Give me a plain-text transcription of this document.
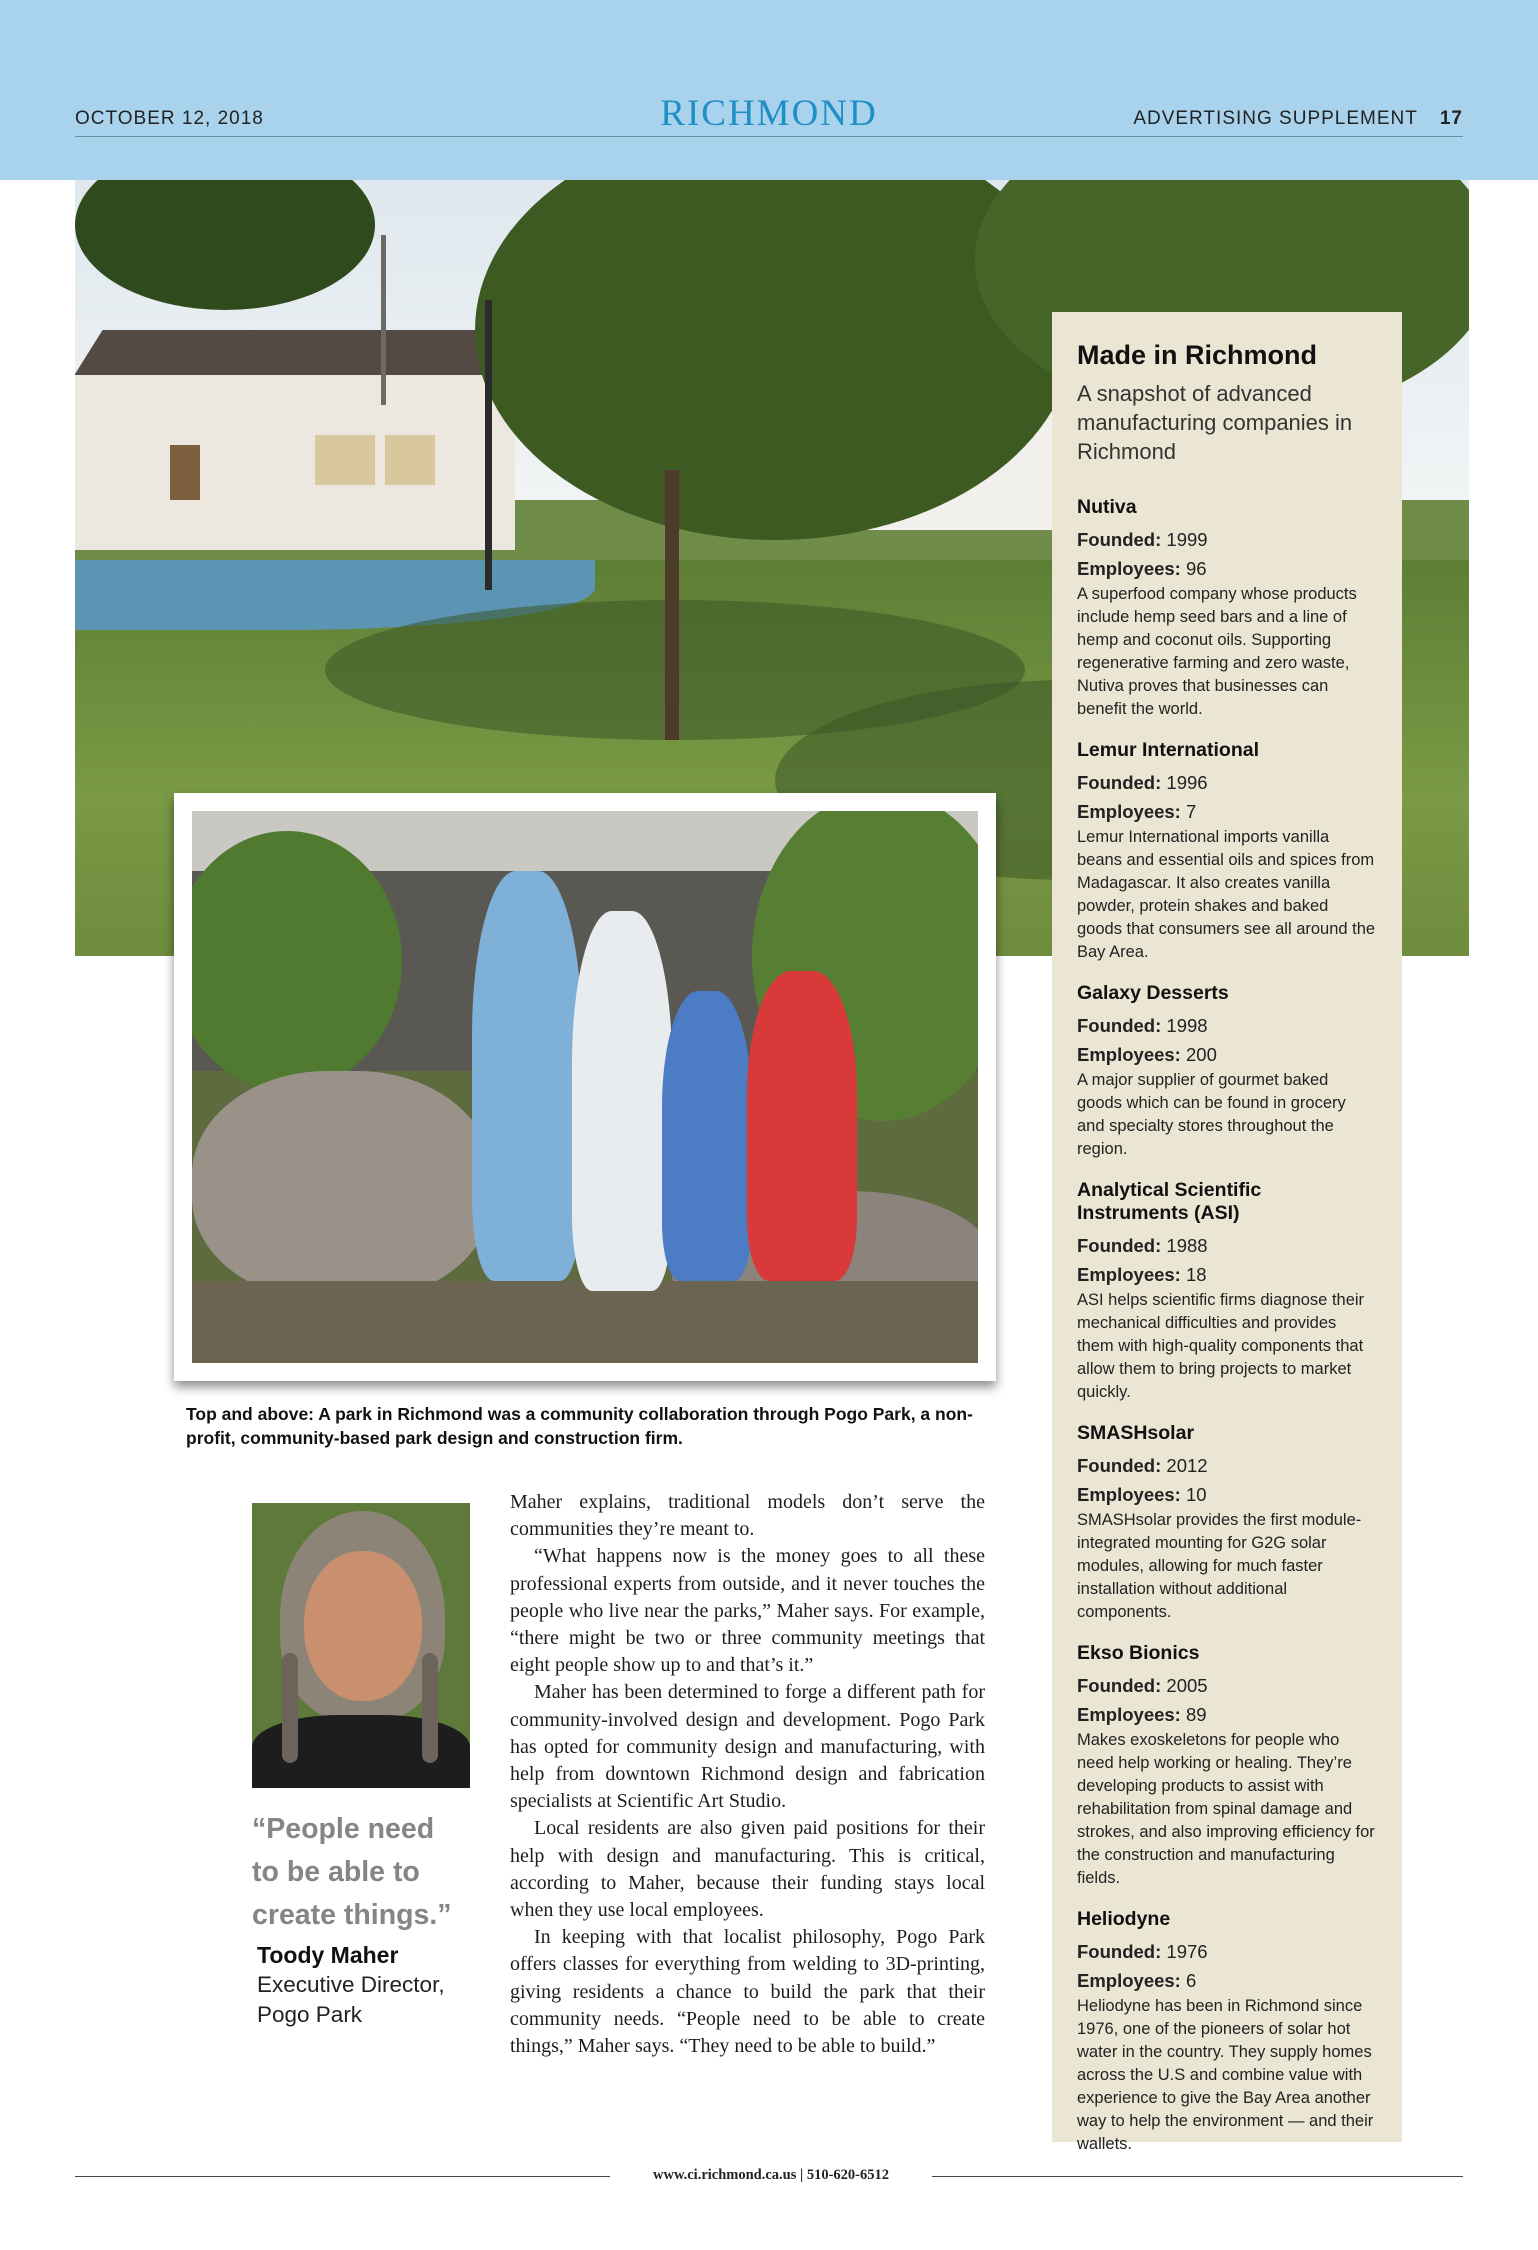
OCTOBER 12, 2018	RICHMOND	ADVERTISING SUPPLEMENT 17
Made in Richmond
A snapshot of advanced manufacturing companies in Richmond
Nutiva
Founded: 1999
Employees: 96
A superfood company whose products include hemp seed bars and a line of hemp and coconut oils. Supporting regenerative farming and zero waste, Nutiva proves that businesses can benefit the world.
Lemur International
Founded: 1996
Employees: 7
Lemur International imports vanilla beans and essential oils and spices from Madagascar. It also creates vanilla powder, protein shakes and baked goods that consumers see all around the Bay Area.
Galaxy Desserts
Founded: 1998
Employees: 200
A major supplier of gourmet baked goods which can be found in grocery and specialty stores throughout the region.
Analytical Scientific Instruments (ASI)
Founded: 1988
Employees: 18
ASI helps scientific firms diagnose their mechanical difficulties and provides them with high-quality components that allow them to bring projects to market quickly.
SMASHsolar
Founded: 2012
Employees: 10
SMASHsolar provides the first module-integrated mounting for G2G solar modules, allowing for much faster installation without additional components.
Ekso Bionics
Founded: 2005
Employees: 89
Makes exoskeletons for people who need help working or healing. They’re developing products to assist with rehabilitation from spinal damage and strokes, and also improving efficiency for the construction and manufacturing fields.
Heliodyne
Founded: 1976
Employees: 6
Heliodyne has been in Richmond since 1976, one of the pioneers of solar hot water in the country. They supply homes across the U.S and combine value with experience to give the Bay Area another way to help the environment — and their wallets.
Top and above: A park in Richmond was a community collaboration through Pogo Park, a non-profit, community-based park design and construction firm.
“People need to be able to create things.”
Toody Maher
Executive Director, Pogo Park

Maher explains, traditional models don’t serve the communities they’re meant to.

“What happens now is the money goes to all these professional experts from outside, and it never touches the people who live near the parks,” Maher says. For example, “there might be two or three community meetings that eight people show up to and that’s it.”

Maher has been determined to forge a different path for community-involved design and development. Pogo Park has opted for community design and manufacturing, with help from downtown Richmond design and fabrication specialists at Scientific Art Studio.

Local residents are also given paid positions for their help with design and manufacturing. This is critical, according to Maher, because their funding stays local when they use local employees.

In keeping with that localist philosophy, Pogo Park offers classes for everything from welding to 3D-printing, giving residents a chance to build the park that their community needs. “People need to be able to create things,” Maher says. “They need to be able to build.”

www.ci.richmond.ca.us | 510-620-6512
